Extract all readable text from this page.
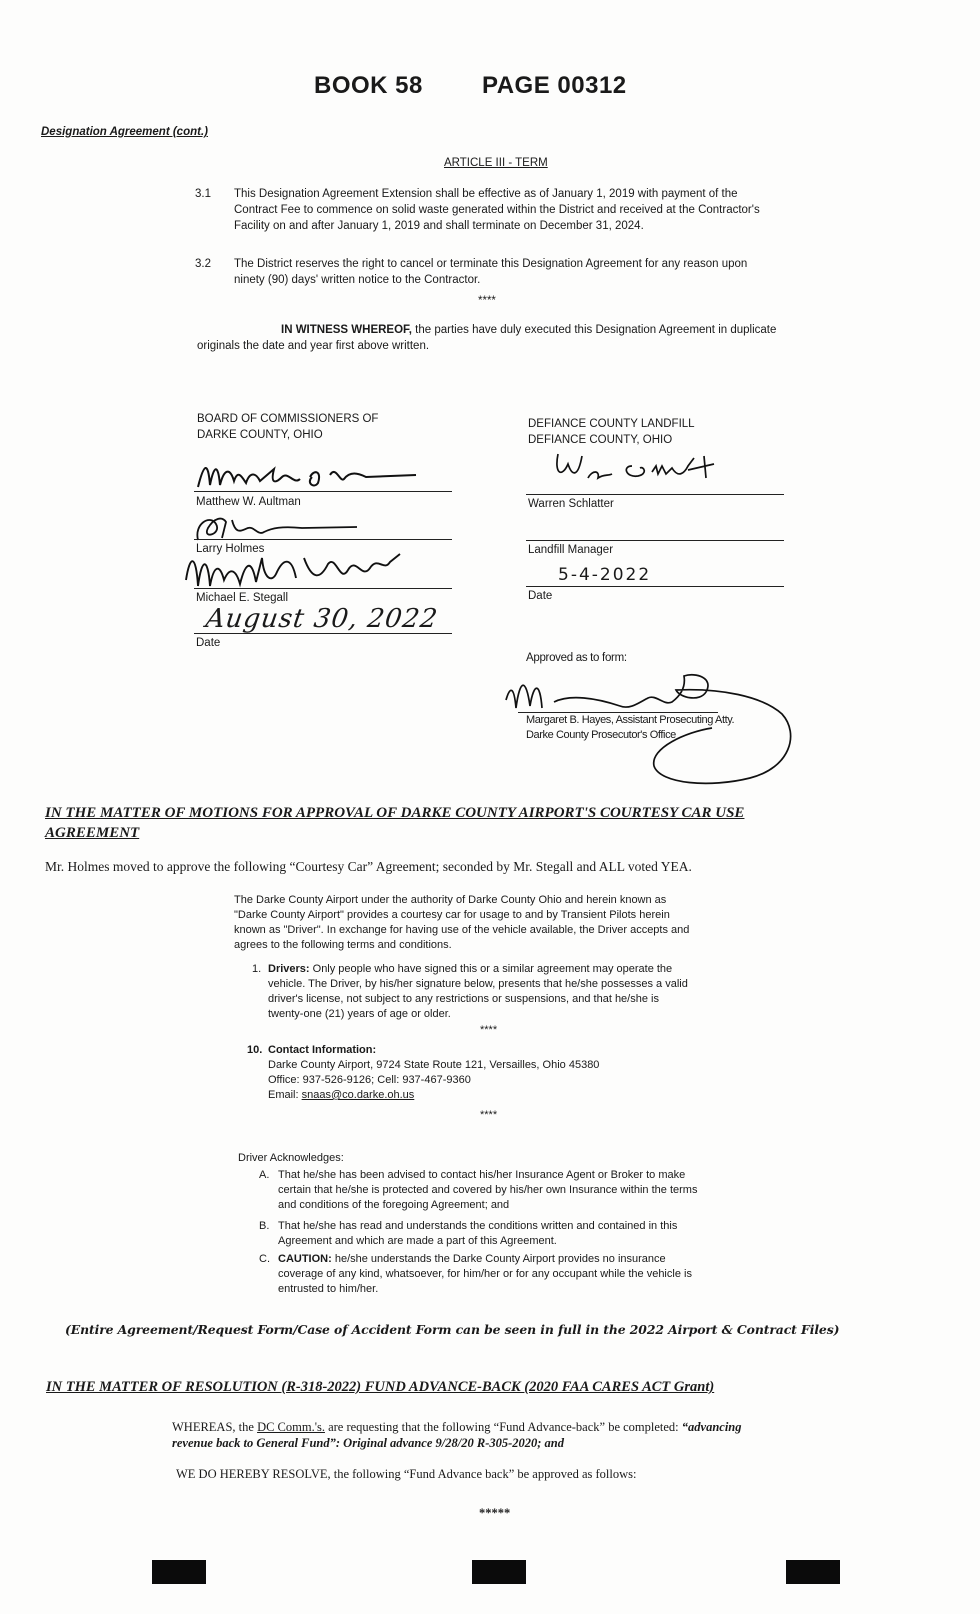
BOOK 58 PAGE 00312
Designation Agreement (cont.)
ARTICLE III - TERM
3.1 This Designation Agreement Extension shall be effective as of January 1, 2019 with payment of the
Contract Fee to commence on solid waste generated within the District and received at the Contractor's
Facility on and after January 1, 2019 and shall terminate on December 31, 2024.
3.2 The District reserves the right to cancel or terminate this Designation Agreement for any reason upon
ninety (90) days' written notice to the Contractor.
****
IN WITNESS WHEREOF, the parties have duly executed this Designation Agreement in duplicate
originals the date and year first above written.
BOARD OF COMMISSIONERS OF
DARKE COUNTY, OHIO
Matthew W. Aultman
Larry Holmes
Michael E. Stegall
August 30, 2022
Date
DEFIANCE COUNTY LANDFILL
DEFIANCE COUNTY, OHIO
Warren Schlatter
Landfill Manager
5-4-2022
Date
Approved as to form:
Margaret B. Hayes, Assistant Prosecuting Atty.
Darke County Prosecutor's Office
IN THE MATTER OF MOTIONS FOR APPROVAL OF DARKE COUNTY AIRPORT'S COURTESY CAR USE
AGREEMENT
Mr. Holmes moved to approve the following “Courtesy Car” Agreement; seconded by Mr. Stegall and ALL voted YEA.
The Darke County Airport under the authority of Darke County Ohio and herein known as
"Darke County Airport" provides a courtesy car for usage to and by Transient Pilots herein
known as "Driver". In exchange for having use of the vehicle available, the Driver accepts and
agrees to the following terms and conditions.
1. Drivers: Only people who have signed this or a similar agreement may operate the
vehicle. The Driver, by his/her signature below, presents that he/she possesses a valid
driver's license, not subject to any restrictions or suspensions, and that he/she is
twenty-one (21) years of age or older.
****
10. Contact Information:
Darke County Airport, 9724 State Route 121, Versailles, Ohio 45380
Office: 937-526-9126; Cell: 937-467-9360
Email: snaas@co.darke.oh.us
****
Driver Acknowledges:
A. That he/she has been advised to contact his/her Insurance Agent or Broker to make
certain that he/she is protected and covered by his/her own Insurance within the terms
and conditions of the foregoing Agreement; and
B. That he/she has read and understands the conditions written and contained in this
Agreement and which are made a part of this Agreement.
C. CAUTION: he/she understands the Darke County Airport provides no insurance
coverage of any kind, whatsoever, for him/her or for any occupant while the vehicle is
entrusted to him/her.
(Entire Agreement/Request Form/Case of Accident Form can be seen in full in the 2022 Airport & Contract Files)
IN THE MATTER OF RESOLUTION (R-318-2022) FUND ADVANCE-BACK (2020 FAA CARES ACT Grant)
WHEREAS, the DC Comm.'s. are requesting that the following “Fund Advance-back” be completed: “advancing
revenue back to General Fund”: Original advance 9/28/20 R-305-2020; and
WE DO HEREBY RESOLVE, the following “Fund Advance back” be approved as follows:
*****
